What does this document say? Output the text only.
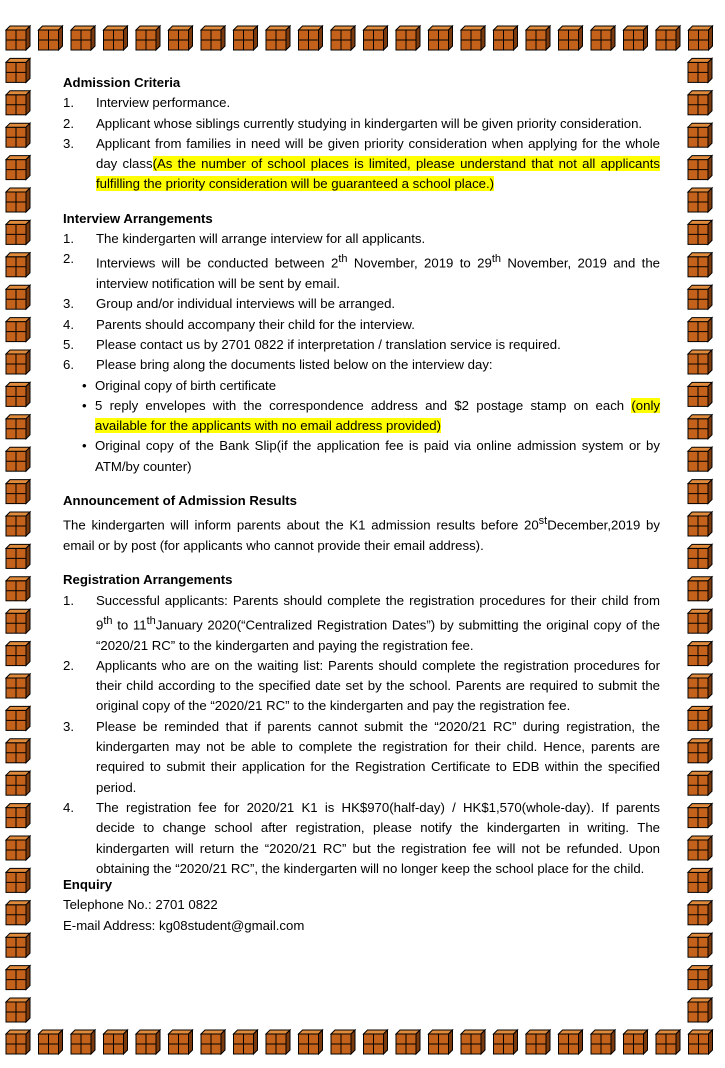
Admission Criteria

1. Interview performance.
2. Applicant whose siblings currently studying in kindergarten will be given priority consideration.
3. Applicant from families in need will be given priority consideration when applying for the whole day class(As the number of school places is limited, please understand that not all applicants fulfilling the priority consideration will be guaranteed a school place.)

Interview Arrangements

1. The kindergarten will arrange interview for all applicants.
2. Interviews will be conducted between 2th November, 2019 to 29th November, 2019 and the interview notification will be sent by email.
3. Group and/or individual interviews will be arranged.
4. Parents should accompany their child for the interview.
5. Please contact us by 2701 0822 if interpretation / translation service is required.
6. Please bring along the documents listed below on the interview day:
• Original copy of birth certificate
• 5 reply envelopes with the correspondence address and $2 postage stamp on each (only available for the applicants with no email address provided)
• Original copy of the Bank Slip(if the application fee is paid via online admission system or by ATM/by counter)

Announcement of Admission Results

The kindergarten will inform parents about the K1 admission results before 20stDecember,2019 by email or by post (for applicants who cannot provide their email address).

Registration Arrangements

1. Successful applicants: Parents should complete the registration procedures for their child from 9th to 11thJanuary 2020(“Centralized Registration Dates”) by submitting the original copy of the “2020/21 RC” to the kindergarten and paying the registration fee.
2. Applicants who are on the waiting list: Parents should complete the registration procedures for their child according to the specified date set by the school. Parents are required to submit the original copy of the “2020/21 RC” to the kindergarten and pay the registration fee.
3. Please be reminded that if parents cannot submit the “2020/21 RC” during registration, the kindergarten may not be able to complete the registration for their child. Hence, parents are required to submit their application for the Registration Certificate to EDB within the specified period.
4. The registration fee for 2020/21 K1 is HK$970(half-day) / HK$1,570(whole-day). If parents decide to change school after registration, please notify the kindergarten in writing. The kindergarten will return the “2020/21 RC” but the registration fee will not be refunded. Upon obtaining the “2020/21 RC”, the kindergarten will no longer keep the school place for the child.

Enquiry

Telephone No.: 2701 0822

E-mail Address: kg08student@gmail.com
